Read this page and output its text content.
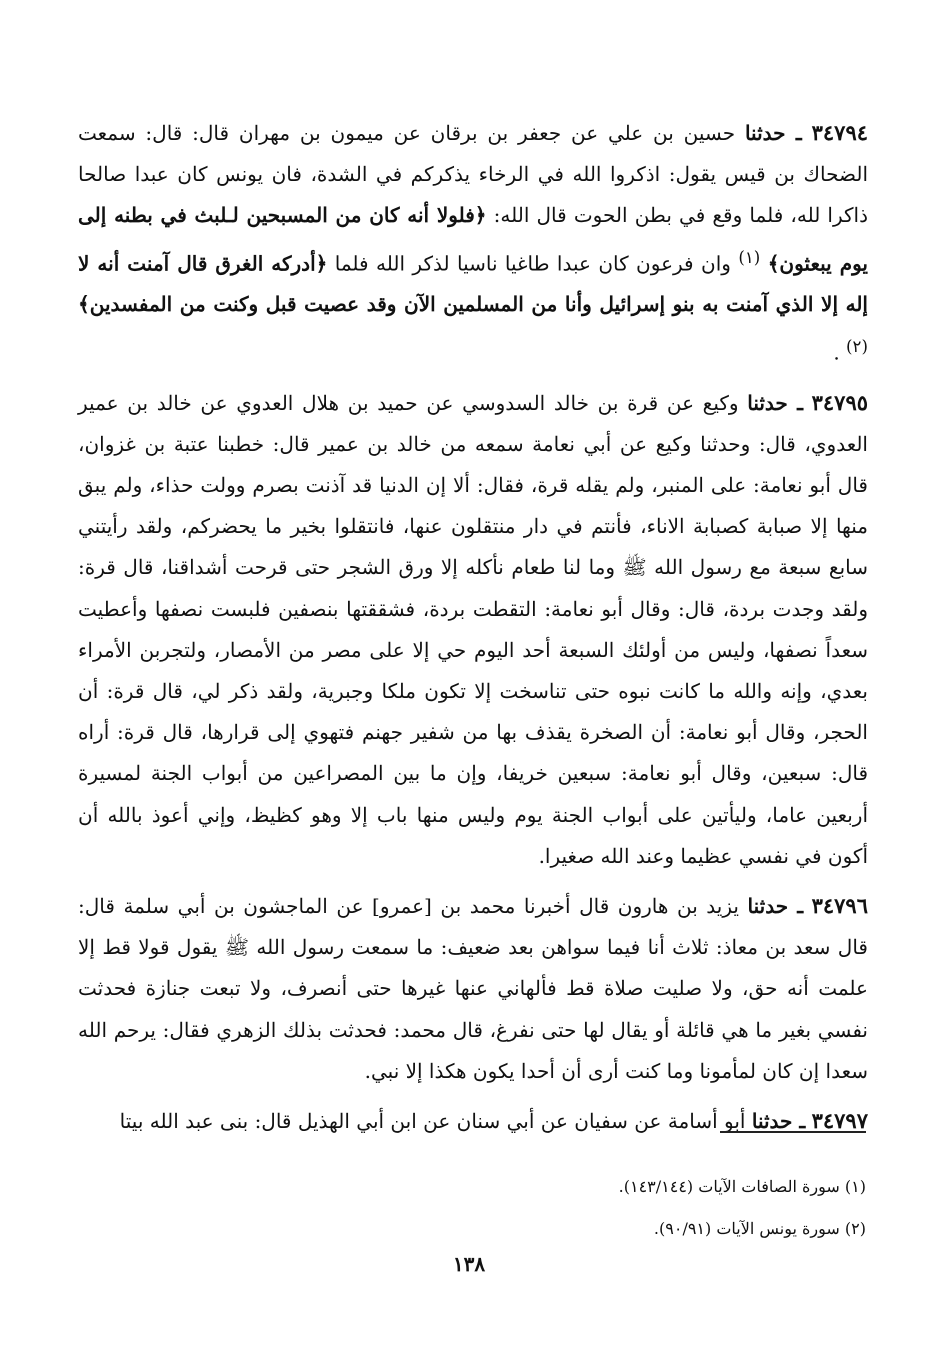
٣٤٧٩٤ ـ حدثنا حسين بن علي عن جعفر بن برقان عن ميمون بن مهران قال: قال: سمعت الضحاك بن قيس يقول: اذكروا الله في الرخاء يذكركم في الشدة، فان يونس كان عبدا صالحا ذاكرا لله، فلما وقع في بطن الحوت قال الله: ﴿فلولا أنه كان من المسبحين لـلبث في بطنه إلى يوم يبعثون﴾ $^{(١)}$ وان فرعون كان عبدا طاغيا ناسيا لذكر الله فلما ﴿أدركه الغرق قال آمنت أنه لا إله إلا الذي آمنت به بنو إسرائيل وأنا من المسلمين الآن وقد عصيت قبل وكنت من المفسدين﴾ $^{(٢)}$ .

٣٤٧٩٥ ـ حدثنا وكيع عن قرة بن خالد السدوسي عن حميد بن هلال العدوي عن خالد بن عمير العدوي، قال: وحدثنا وكيع عن أبي نعامة سمعه من خالد بن عمير قال: خطبنا عتبة بن غزوان، قال أبو نعامة: على المنبر، ولم يقله قرة، فقال: ألا إن الدنيا قد آذنت بصرم وولت حذاء، ولم يبق منها إلا صبابة كصبابة الاناء، فأنتم في دار منتقلون عنها، فانتقلوا بخير ما يحضركم، ولقد رأيتني سابع سبعة مع رسول الله ﷺ وما لنا طعام نأكله إلا ورق الشجر حتى قرحت أشداقنا، قال قرة: ولقد وجدت بردة، قال: وقال أبو نعامة: التقطت بردة، فشققتها بنصفين فلبست نصفها وأعطيت سعداً نصفها، وليس من أولئك السبعة أحد اليوم حي إلا على مصر من الأمصار، ولتجربن الأمراء بعدي، وإنه والله ما كانت نبوه حتى تناسخت إلا تكون ملكا وجبرية، ولقد ذكر لي، قال قرة: أن الحجر، وقال أبو نعامة: أن الصخرة يقذف بها من شفير جهنم فتهوي إلى قرارها، قال قرة: أراه قال: سبعين، وقال أبو نعامة: سبعين خريفا، وإن ما بين المصراعين من أبواب الجنة لمسيرة أربعين عاما، وليأتين على أبواب الجنة يوم وليس منها باب إلا وهو كظيظ، وإني أعوذ بالله أن أكون في نفسي عظيما وعند الله صغيرا.

٣٤٧٩٦ ـ حدثنا يزيد بن هارون قال أخبرنا محمد بن [عمرو] عن الماجشون بن أبي سلمة قال: قال سعد بن معاذ: ثلاث أنا فيما سواهن بعد ضعيف: ما سمعت رسول الله ﷺ يقول قولا قط إلا علمت أنه حق، ولا صليت صلاة قط فألهاني عنها غيرها حتى أنصرف، ولا تبعت جنازة فحدثت نفسي بغير ما هي قائلة أو يقال لها حتى نفرغ، قال محمد: فحدثت بذلك الزهري فقال: يرحم الله سعدا إن كان لمأمونا وما كنت أرى أن أحدا يكون هكذا إلا نبي.

٣٤٧٩٧ ـ حدثنا أبو أسامة عن سفيان عن أبي سنان عن ابن أبي الهذيل قال: بنى عبد الله بيتا

(١) سورة الصافات الآيات (١٤٣/١٤٤).

(٢) سورة يونس الآيات (٩٠/٩١).

١٣٨
